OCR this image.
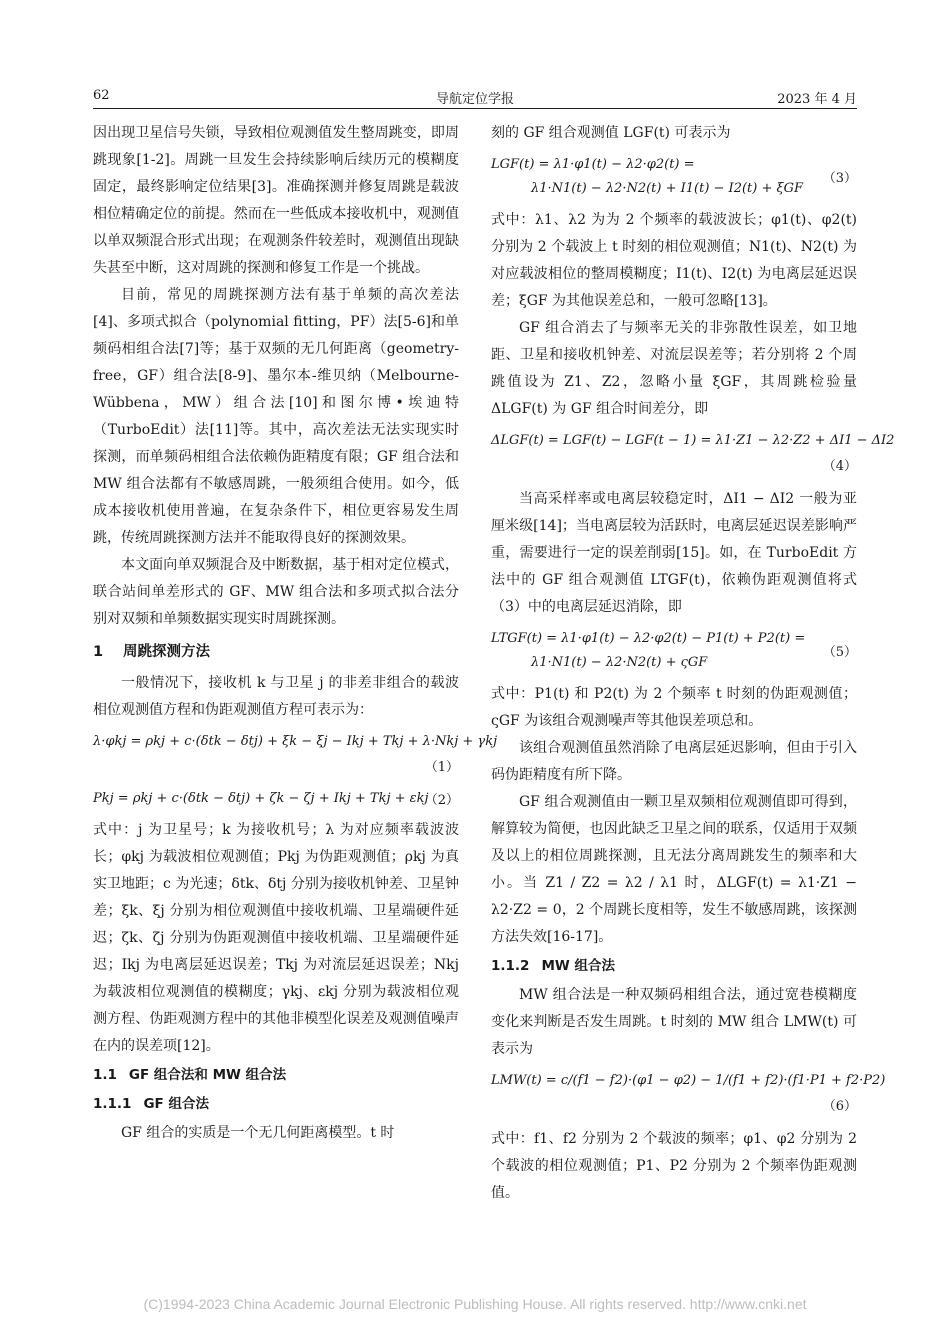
62	导航定位学报	2023 年 4 月

因出现卫星信号失锁，导致相位观测值发生整周跳变，即周跳现象[1-2]。周跳一旦发生会持续影响后续历元的模糊度固定，最终影响定位结果[3]。准确探测并修复周跳是载波相位精确定位的前提。然而在一些低成本接收机中，观测值以单双频混合形式出现；在观测条件较差时，观测值出现缺失甚至中断，这对周跳的探测和修复工作是一个挑战。

目前，常见的周跳探测方法有基于单频的高次差法[4]、多项式拟合（polynomial fitting，PF）法[5-6]和单频码相组合法[7]等；基于双频的无几何距离（geometry-free，GF）组合法[8-9]、墨尔本-维贝纳（Melbourne-Wübbena，MW）组合法[10]和图尔博•埃迪特（TurboEdit）法[11]等。其中，高次差法无法实现实时探测，而单频码相组合法依赖伪距精度有限；GF 组合法和 MW 组合法都有不敏感周跳，一般须组合使用。如今，低成本接收机使用普遍，在复杂条件下，相位更容易发生周跳，传统周跳探测方法并不能取得良好的探测效果。

本文面向单双频混合及中断数据，基于相对定位模式，联合站间单差形式的 GF、MW 组合法和多项式拟合法分别对双频和单频数据实现实时周跳探测。

1 周跳探测方法

一般情况下，接收机 k 与卫星 j 的非差非组合的载波相位观测值方程和伪距观测值方程可表示为：

λ·φkj = ρkj + c·(δtk − δtj) + ξk − ξj − Ikj + Tkj + λ·Nkj + γkj
（1）
Pkj = ρkj + c·(δtk − δtj) + ζk − ζj + Ikj + Tkj + εkj
（2）

式中：j 为卫星号；k 为接收机号；λ 为对应频率载波波长；φkj 为载波相位观测值；Pkj 为伪距观测值；ρkj 为真实卫地距；c 为光速；δtk、δtj 分别为接收机钟差、卫星钟差；ξk、ξj 分别为相位观测值中接收机端、卫星端硬件延迟；ζk、ζj 分别为伪距观测值中接收机端、卫星端硬件延迟；Ikj 为电离层延迟误差；Tkj 为对流层延迟误差；Nkj 为载波相位观测值的模糊度；γkj、εkj 分别为载波相位观测方程、伪距观测方程中的其他非模型化误差及观测值噪声在内的误差项[12]。

1.1 GF 组合法和 MW 组合法
1.1.1 GF 组合法

GF 组合的实质是一个无几何距离模型。t 时

刻的 GF 组合观测值 LGF(t) 可表示为

LGF(t) = λ1·φ1(t) − λ2·φ2(t) =
λ1·N1(t) − λ2·N2(t) + I1(t) − I2(t) + ξGF
（3）

式中：λ1、λ2 为为 2 个频率的载波波长；φ1(t)、φ2(t) 分别为 2 个载波上 t 时刻的相位观测值；N1(t)、N2(t) 为对应载波相位的整周模糊度；I1(t)、I2(t) 为电离层延迟误差；ξGF 为其他误差总和，一般可忽略[13]。

GF 组合消去了与频率无关的非弥散性误差，如卫地距、卫星和接收机钟差、对流层误差等；若分别将 2 个周跳值设为 Z1、Z2，忽略小量 ξGF，其周跳检验量 ΔLGF(t) 为 GF 组合时间差分，即

ΔLGF(t) = LGF(t) − LGF(t − 1) = λ1·Z1 − λ2·Z2 + ΔI1 − ΔI2
（4）

当高采样率或电离层较稳定时，ΔI1 − ΔI2 一般为亚厘米级[14]；当电离层较为活跃时，电离层延迟误差影响严重，需要进行一定的误差削弱[15]。如，在 TurboEdit 方法中的 GF 组合观测值 LTGF(t)，依赖伪距观测值将式（3）中的电离层延迟消除，即

LTGF(t) = λ1·φ1(t) − λ2·φ2(t) − P1(t) + P2(t) =
λ1·N1(t) − λ2·N2(t) + ςGF
（5）

式中：P1(t) 和 P2(t) 为 2 个频率 t 时刻的伪距观测值；ςGF 为该组合观测噪声等其他误差项总和。

该组合观测值虽然消除了电离层延迟影响，但由于引入码伪距精度有所下降。

GF 组合观测值由一颗卫星双频相位观测值即可得到，解算较为简便，也因此缺乏卫星之间的联系，仅适用于双频及以上的相位周跳探测，且无法分离周跳发生的频率和大小。当 Z1 / Z2 = λ2 / λ1 时，ΔLGF(t) = λ1·Z1 − λ2·Z2 = 0，2 个周跳长度相等，发生不敏感周跳，该探测方法失效[16-17]。

1.1.2 MW 组合法

MW 组合法是一种双频码相组合法，通过宽巷模糊度变化来判断是否发生周跳。t 时刻的 MW 组合 LMW(t) 可表示为

LMW(t) = c/(f1 − f2)·(φ1 − φ2) − 1/(f1 + f2)·(f1·P1 + f2·P2)
（6）

式中：f1、f2 分别为 2 个载波的频率；φ1、φ2 分别为 2 个载波的相位观测值；P1、P2 分别为 2 个频率伪距观测值。

(C)1994-2023 China Academic Journal Electronic Publishing House. All rights reserved. http://www.cnki.net
